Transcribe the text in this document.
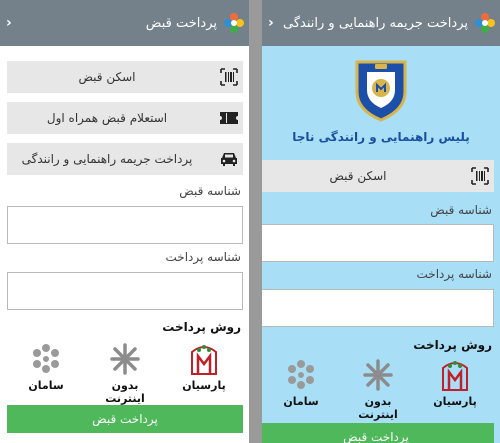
پرداخت قبض
‹
اسکن قبض
استعلام قبض همراه اول
پرداخت جریمه راهنمایی و رانندگی
شناسه قبض
شناسه پرداخت
روش پرداخت
پارسیان
بدون اینترنت
سامان
پرداخت قبض
پرداخت جریمه راهنمایی و رانندگی
‹
پلیس راهنمایی و رانندگی ناجا
اسکن قبض
شناسه قبض
شناسه پرداخت
روش پرداخت
پارسیان
بدون اینترنت
سامان
پرداخت قبض
